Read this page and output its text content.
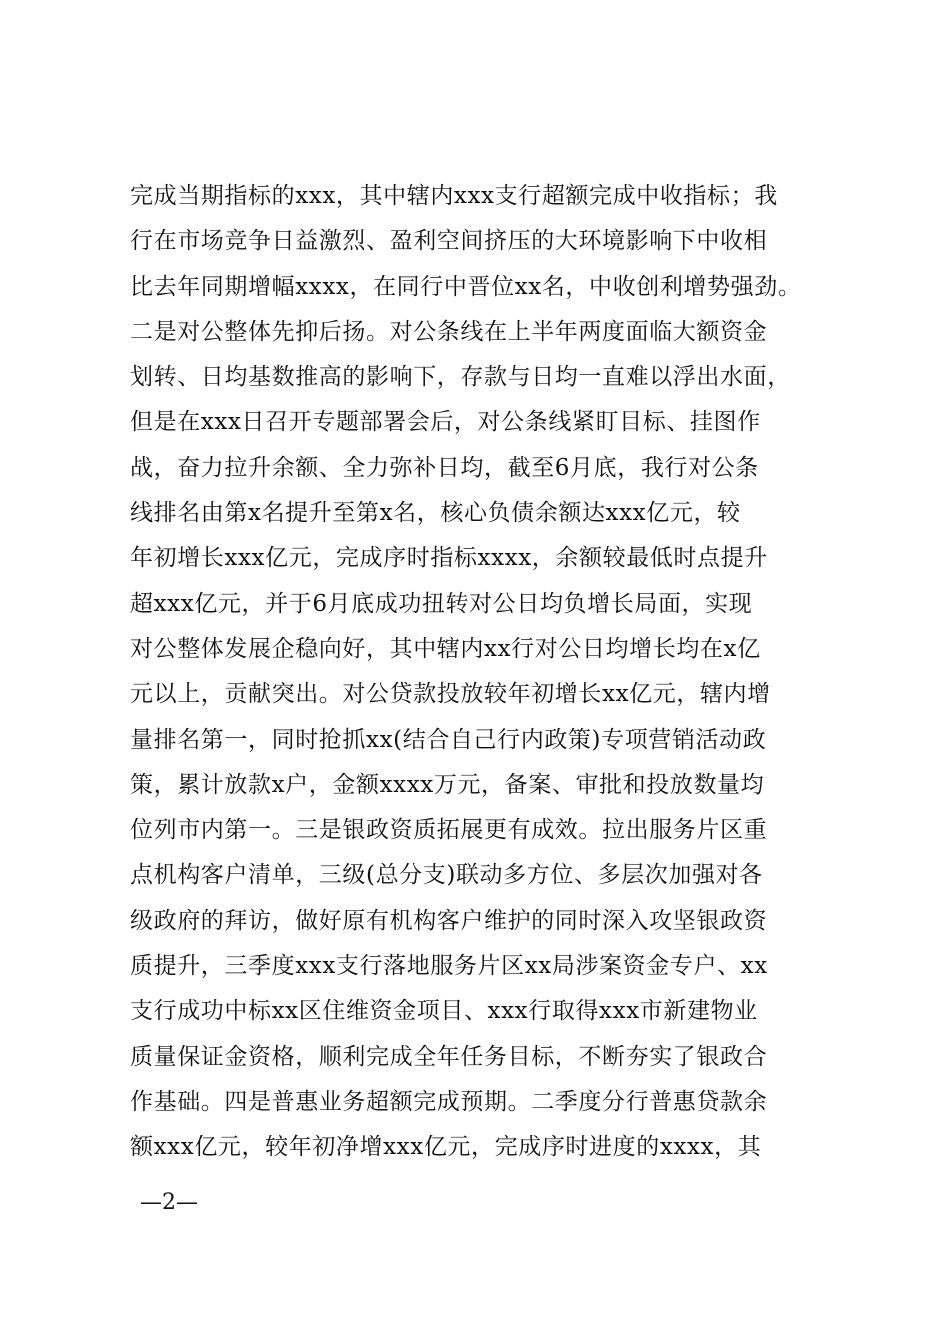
完成当期指标的xxx，其中辖内xxx支行超额完成中收指标；我
行在市场竞争日益激烈、盈利空间挤压的大环境影响下中收相
比去年同期增幅xxxx，在同行中晋位xx名，中收创利增势强劲。
二是对公整体先抑后扬。对公条线在上半年两度面临大额资金
划转、日均基数推高的影响下，存款与日均一直难以浮出水面，
但是在xxx日召开专题部署会后，对公条线紧盯目标、挂图作
战，奋力拉升余额、全力弥补日均，截至6月底，我行对公条
线排名由第x名提升至第x名，核心负债余额达xxx亿元，较
年初增长xxx亿元，完成序时指标xxxx，余额较最低时点提升
超xxx亿元，并于6月底成功扭转对公日均负增长局面，实现
对公整体发展企稳向好，其中辖内xx行对公日均增长均在x亿
元以上，贡献突出。对公贷款投放较年初增长xx亿元，辖内增
量排名第一，同时抢抓xx(结合自己行内政策)专项营销活动政
策，累计放款x户，金额xxxx万元，备案、审批和投放数量均
位列市内第一。三是银政资质拓展更有成效。拉出服务片区重
点机构客户清单，三级(总分支)联动多方位、多层次加强对各
级政府的拜访，做好原有机构客户维护的同时深入攻坚银政资
质提升，三季度xxx支行落地服务片区xx局涉案资金专户、xx
支行成功中标xx区住维资金项目、xxx行取得xxx市新建物业
质量保证金资格，顺利完成全年任务目标，不断夯实了银政合
作基础。四是普惠业务超额完成预期。二季度分行普惠贷款余
额xxx亿元，较年初净增xxx亿元，完成序时进度的xxxx，其
—2—
